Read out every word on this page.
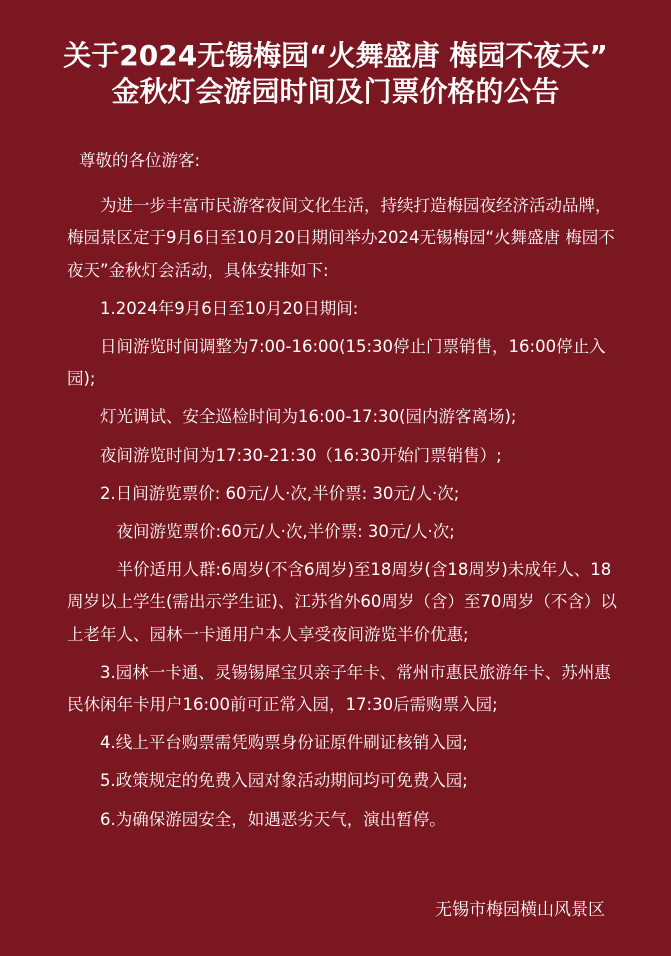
关于2024无锡梅园“火舞盛唐 梅园不夜天”
金秋灯会游园时间及门票价格的公告

尊敬的各位游客:

为进一步丰富市民游客夜间文化生活，持续打造梅园夜经济活动品牌，梅园景区定于9月6日至10月20日期间举办2024无锡梅园“火舞盛唐 梅园不夜天”金秋灯会活动，具体安排如下:

1.2024年9月6日至10月20日期间:

日间游览时间调整为7:00-16:00(15:30停止门票销售，16:00停止入园);

灯光调试、安全巡检时间为16:00-17:30(园内游客离场);

夜间游览时间为17:30-21:30（16:30开始门票销售）;

2.日间游览票价: 60元/人·次,半价票: 30元/人·次;

夜间游览票价:60元/人·次,半价票: 30元/人·次;

半价适用人群:6周岁(不含6周岁)至18周岁(含18周岁)未成年人、18周岁以上学生(需出示学生证)、江苏省外60周岁（含）至70周岁（不含）以上老年人、园林一卡通用户本人享受夜间游览半价优惠;

3.园林一卡通、灵锡锡犀宝贝亲子年卡、常州市惠民旅游年卡、苏州惠民休闲年卡用户16:00前可正常入园，17:30后需购票入园;

4.线上平台购票需凭购票身份证原件刷证核销入园;

5.政策规定的免费入园对象活动期间均可免费入园;

6.为确保游园安全，如遇恶劣天气，演出暂停。

无锡市梅园横山风景区
